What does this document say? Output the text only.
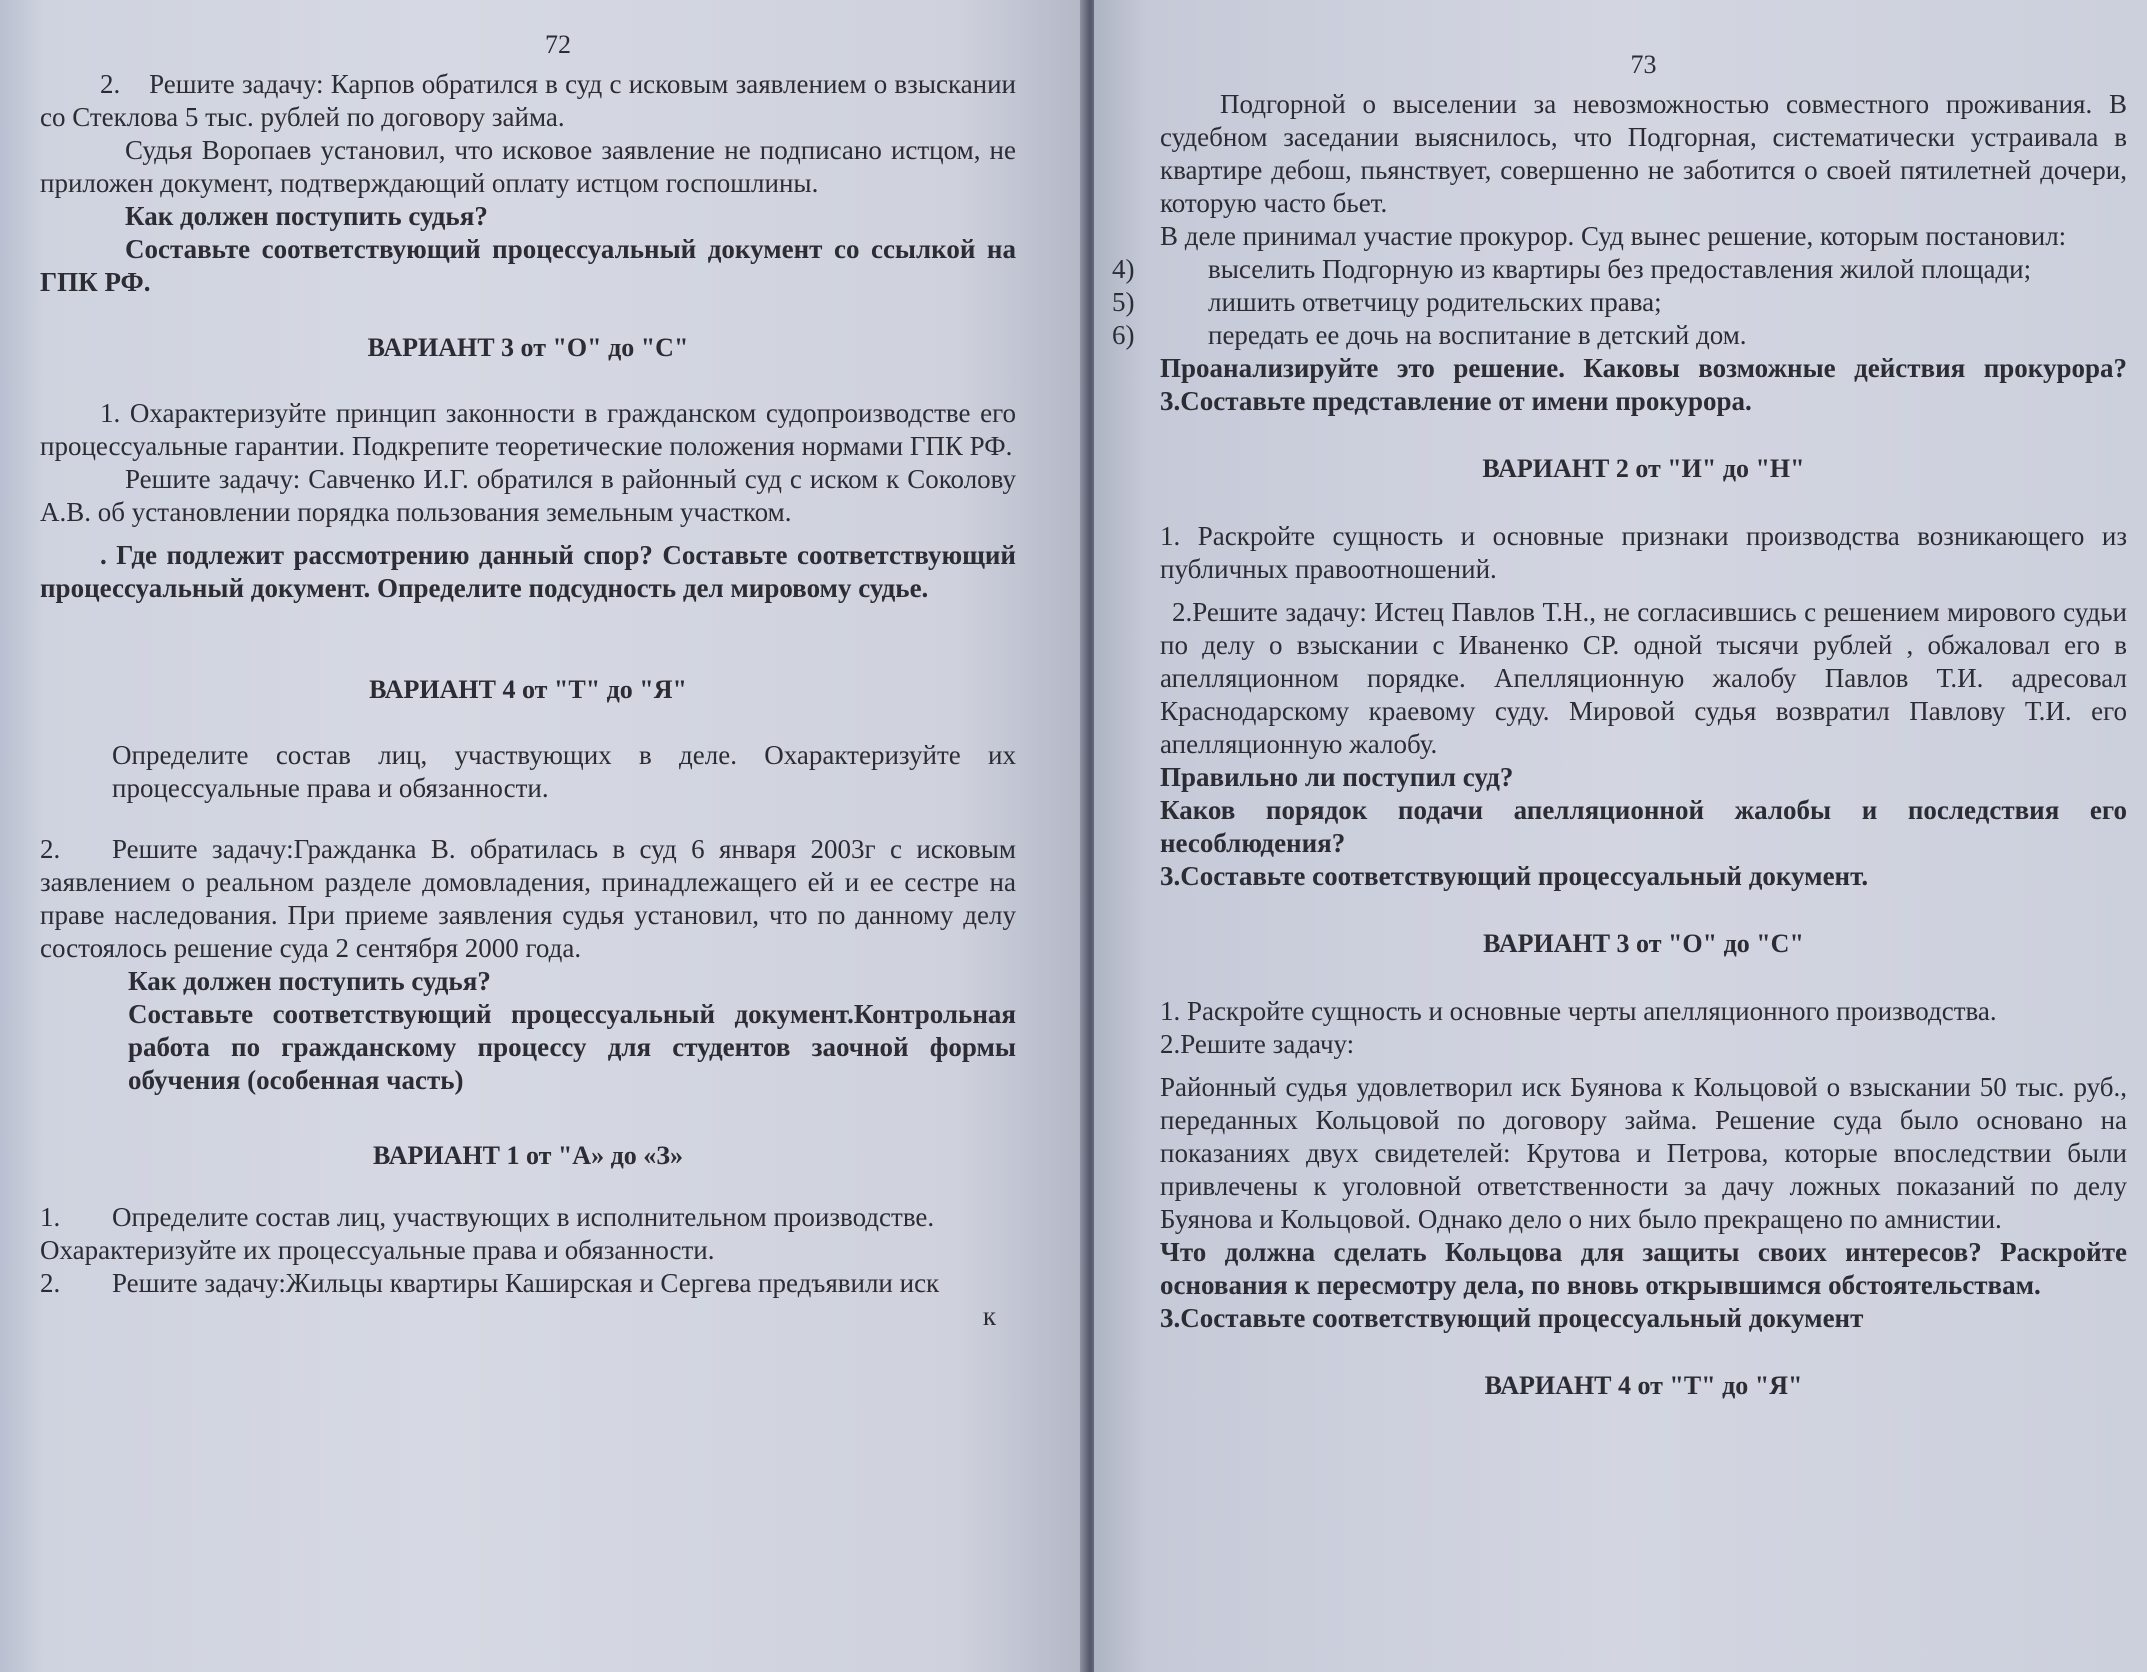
72

2.    Решите задачу: Карпов обратился в суд с исковым заявлением о взыскании со Стеклова 5 тыс. рублей по договору займа.

Судья Воропаев установил, что исковое заявление не подписано истцом, не приложен документ, подтверждающий оплату истцом госпошлины.

Как должен поступить судья?

Составьте соответствующий процессуальный документ со ссылкой на ГПК РФ.

ВАРИАНТ 3 от "О" до "С"

1. Охарактеризуйте принцип законности в гражданском судопроизводстве его процессуальные гарантии. Подкрепите теоретические положения нормами ГПК РФ.

Решите задачу: Савченко И.Г. обратился в районный суд с иском к Соколову А.В. об установлении порядка пользования земельным участком.

. Где подлежит рассмотрению данный спор? Составьте соответствующий процессуальный документ. Определите подсудность дел мировому судье.

ВАРИАНТ 4 от "Т" до "Я"

Определите состав лиц, участвующих в деле. Охарактеризуйте их процессуальные права и обязанности.

2. Решите задачу:Гражданка В. обратилась в суд 6 января 2003г с исковым заявлением о реальном разделе домовладения, принадлежащего ей и ее сестре на праве наследования. При приеме заявления судья установил, что по данному делу состоялось решение суда 2 сентября 2000 года.

Как должен поступить судья?

Составьте соответствующий процессуальный документ.Контрольная работа по гражданскому процессу для студентов заочной формы обучения (особенная часть)

ВАРИАНТ 1 от "А» до «З»

1. Определите состав лиц, участвующих в исполнительном производстве.

Охарактеризуйте их процессуальные права и обязанности.

2. Решите задачу:Жильцы квартиры Каширская и Сергева предъявили иск

к

73

Подгорной о выселении за невозможностью совместного проживания. В судебном заседании выяснилось, что Подгорная, систематически устраивала в квартире дебош, пьянствует, совершенно не заботится о своей пятилетней дочери, которую часто бьет.

В деле принимал участие прокурор. Суд вынес решение, которым постановил:

4)	выселить Подгорную из квартиры без предоставления жилой площади;

5)	лишить ответчицу родительских права;

6)	передать ее дочь на воспитание в детский дом.

Проанализируйте это решение. Каковы возможные действия прокурора? 3.Составьте представление от имени прокурора.

ВАРИАНТ 2 от "И" до "Н"

1. Раскройте сущность и основные признаки производства возникающего из публичных правоотношений.

2.Решите задачу: Истец Павлов Т.Н., не согласившись с решением мирового судьи по делу о взыскании с Иваненко СР. одной тысячи рублей , обжаловал его в апелляционном порядке. Апелляционную жалобу Павлов Т.И. адресовал Краснодарскому краевому суду. Мировой судья возвратил Павлову Т.И. его апелляционную жалобу.

Правильно ли поступил суд?

Каков порядок подачи апелляционной жалобы и последствия его несоблюдения?

3.Составьте соответствующий процессуальный документ.

ВАРИАНТ 3 от "О" до "С"

1. Раскройте сущность и основные черты апелляционного производства.

2.Решите задачу:

Районный судья удовлетворил иск Буянова к Кольцовой о взыскании 50 тыс. руб., переданных Кольцовой по договору займа. Решение суда было основано на показаниях двух свидетелей: Крутова и Петрова, которые впоследствии были привлечены к уголовной ответственности за дачу ложных показаний по делу Буянова и Кольцовой. Однако дело о них было прекращено по амнистии.

Что должна сделать Кольцова для защиты своих интересов? Раскройте основания к пересмотру дела, по вновь открывшимся обстоятельствам.

3.Составьте соответствующий процессуальный документ

ВАРИАНТ 4 от "Т" до "Я"
